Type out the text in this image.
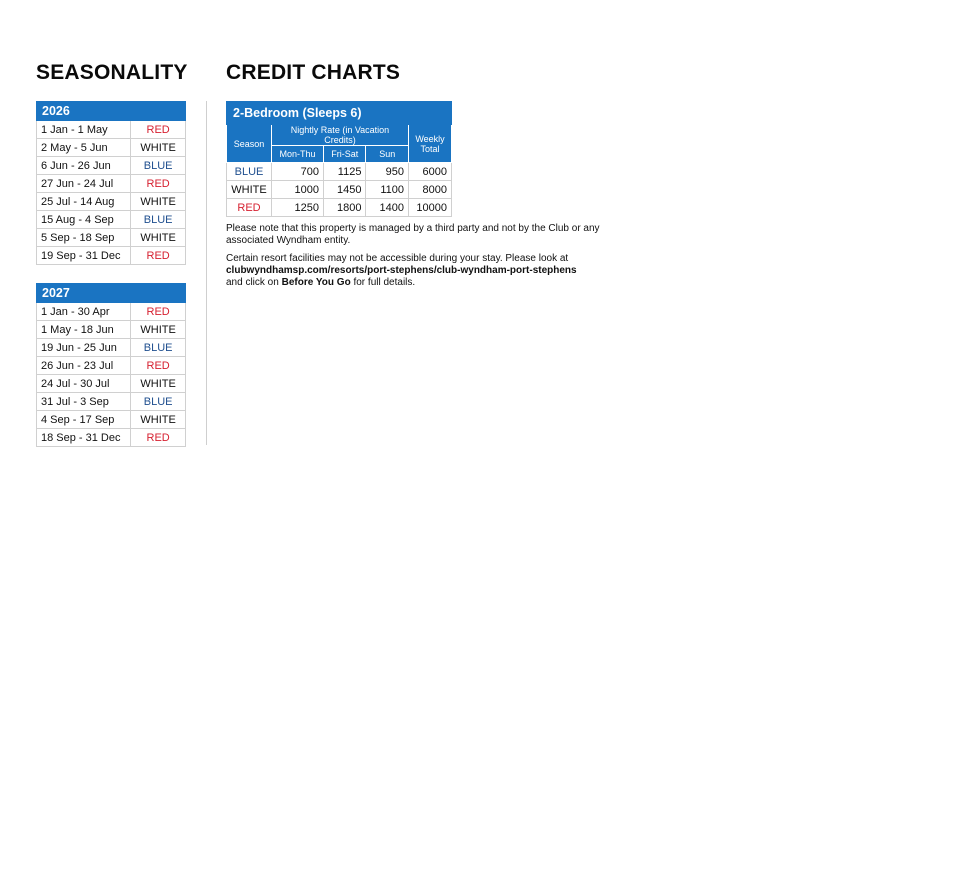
SEASONALITY CREDIT CHARTS
2026	
1 Jan - 1 May	RED
2 May - 5 Jun	WHITE
6 Jun - 26 Jun	BLUE
27 Jun - 24 Jul	RED
25 Jul - 14 Aug	WHITE
15 Aug - 4 Sep	BLUE
5 Sep - 18 Sep	WHITE
19 Sep - 31 Dec	RED
2027	
1 Jan - 30 Apr	RED
1 May - 18 Jun	WHITE
19 Jun - 25 Jun	BLUE
26 Jun - 23 Jul	RED
24 Jul - 30 Jul	WHITE
31 Jul - 3 Sep	BLUE
4 Sep - 17 Sep	WHITE
18 Sep - 31 Dec	RED
2-Bedroom (Sleeps 6)				
Season	Nightly Rate (in Vacation Credits)			Weekly Total
	Mon-Thu	Fri-Sat	Sun	
BLUE	700	1125	950	6000
WHITE	1000	1450	1100	8000
RED	1250	1800	1400	10000

Please note that this property is managed by a third party and not by the Club or any associated Wyndham entity.

Certain resort facilities may not be accessible during your stay. Please look at
clubwyndhamsp.com/resorts/port-stephens/club-wyndham-port-stephens
and click on Before You Go for full details.
